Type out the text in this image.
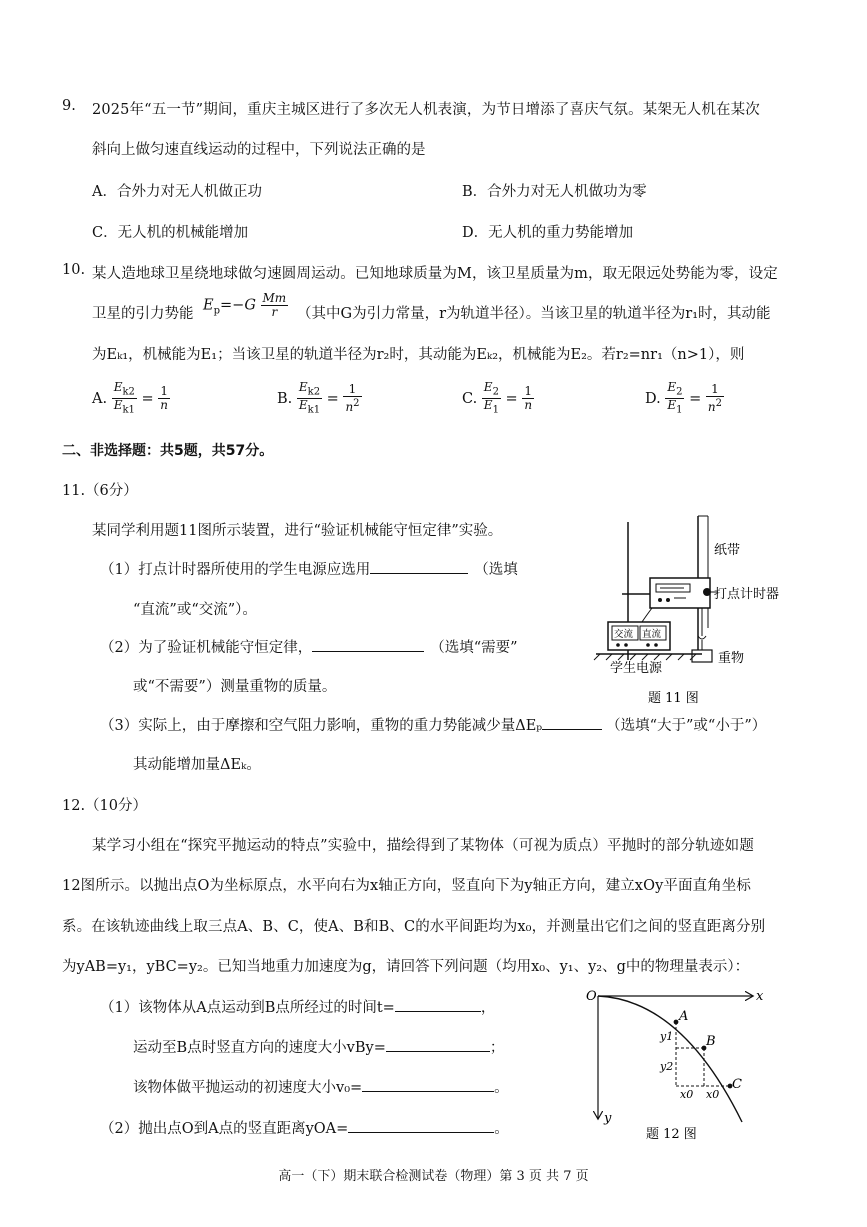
9. 2025年“五一节”期间，重庆主城区进行了多次无人机表演，为节日增添了喜庆气氛。某架无人机在某次
斜向上做匀速直线运动的过程中，下列说法正确的是
A．合外力对无人机做正功	B．合外力对无人机做功为零
C．无人机的机械能增加	D．无人机的重力势能增加
10. 某人造地球卫星绕地球做匀速圆周运动。已知地球质量为M，该卫星质量为m，取无限远处势能为零，设定
卫星的引力势能
$E_p=-G \frac{Mm}{r}$ （其中G为引力常量，r为轨道半径）。当该卫星的轨道半径为r₁时，其动能
为Eₖ₁，机械能为E₁；当该卫星的轨道半径为r₂时，其动能为Eₖ₂，机械能为E₂。若r₂=nr₁（n>1），则
A. $\frac{E_{k2}}{E_{k1}} = \frac{1}{n}$	B. $\frac{E_{k2}}{E_{k1}} = \frac{1}{n^2}$	C. $\frac{E_2}{E_1} = \frac{1}{n}$	D. $\frac{E_2}{E_1} = \frac{1}{n^2}$
二、非选择题：共5题，共57分。
11.（6分）
某同学利用题11图所示装置，进行“验证机械能守恒定律”实验。
（1）打点计时器所使用的学生电源应选用	（选填
“直流”或“交流”）。
（2）为了验证机械能守恒定律，	（选填“需要”
或“不需要”）测量重物的质量。
（3）实际上，由于摩擦和空气阻力影响，重物的重力势能减少量ΔEₚ	（选填“大于”或“小于”）
其动能增加量ΔEₖ。
纸带
打点计时器
交流 直流
学生电源
重物
题 11 图
12.（10分）
某学习小组在“探究平抛运动的特点”实验中，描绘得到了某物体（可视为质点）平抛时的部分轨迹如题
12图所示。以抛出点O为坐标原点，水平向右为x轴正方向，竖直向下为y轴正方向，建立xOy平面直角坐标
系。在该轨迹曲线上取三点A、B、C，使A、B和B、C的水平间距均为x₀，并测量出它们之间的竖直距离分别
为yAB=y₁，yBC=y₂。已知当地重力加速度为g，请回答下列问题（均用x₀、y₁、y₂、g中的物理量表示）：
（1）该物体从A点运动到B点所经过的时间t=	，
运动至B点时竖直方向的速度大小vBy=	；
该物体做平抛运动的初速度大小v₀=	。
（2）抛出点O到A点的竖直距离yOA=	。
O	x
y
A
B
C
y1
y2
x0 x0
题 12 图
高一（下）期末联合检测试卷（物理）第 3 页 共 7 页
